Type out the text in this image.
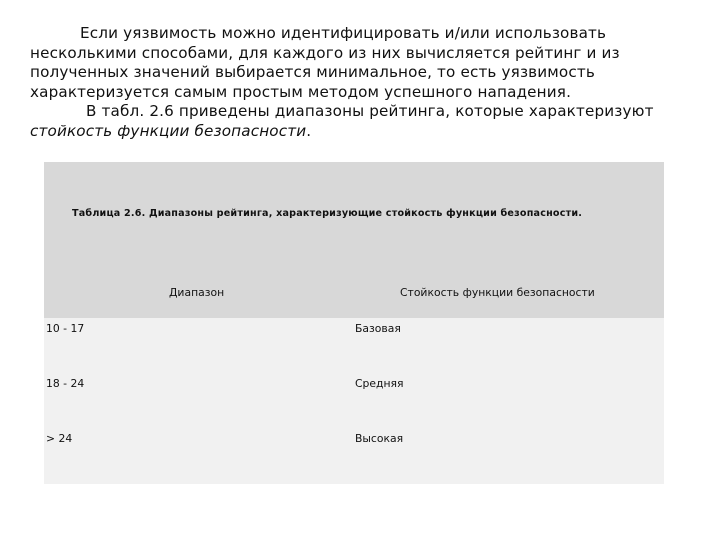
Если уязвимость можно идентифицировать и/или использовать

несколькими способами, для каждого из них вычисляется рейтинг и из

полученных значений выбирается минимальное, то есть уязвимость

характеризуется самым простым методом успешного нападения.

В табл. 2.6 приведены диапазоны рейтинга, которые характеризуют

стойкость функции безопасности.

Таблица 2.6. Диапазоны рейтинга, характеризующие стойкость функции безопасности.
Диапазон	Стойкость функции безопасности
10 - 17	Базовая
18 - 24	Средняя
> 24	Высокая
